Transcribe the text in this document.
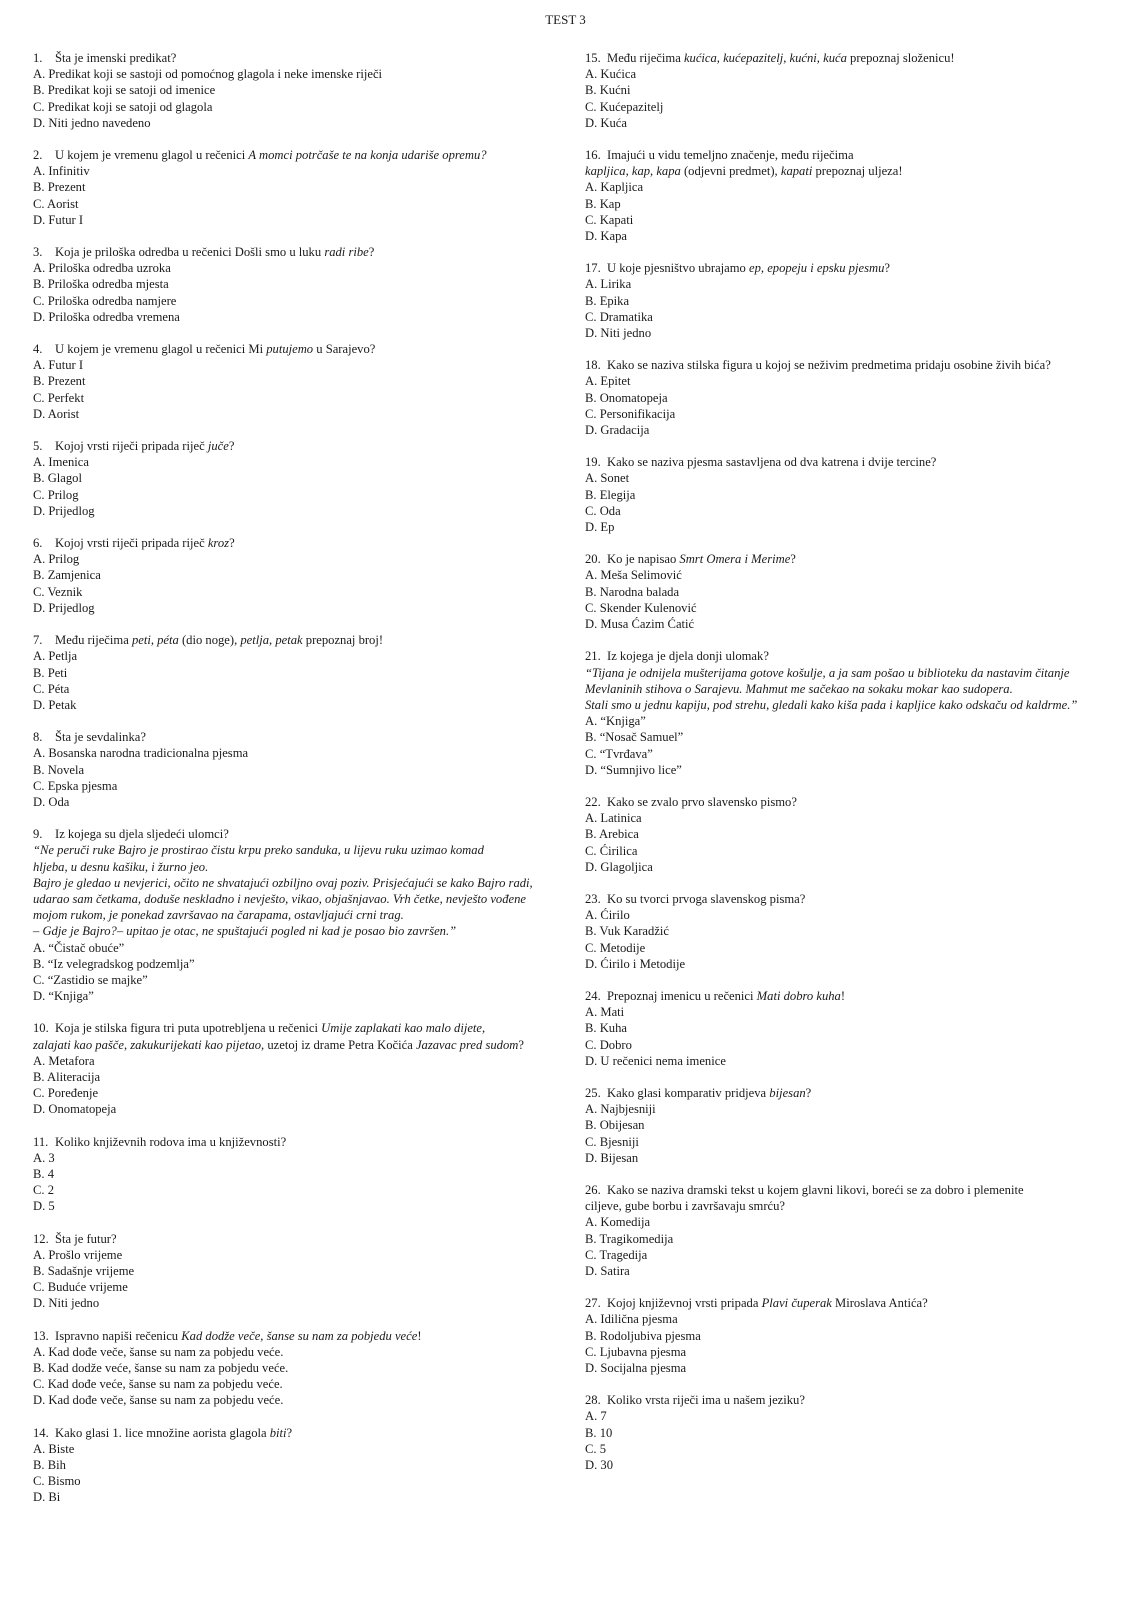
TEST 3
1. Šta je imenski predikat?
A. Predikat koji se sastoji od pomoćnog glagola i neke imenske riječi
B. Predikat koji se satoji od imenice
C. Predikat koji se satoji od glagola
D. Niti jedno navedeno
2. U kojem je vremenu glagol u rečenici A momci potrčaše te na konja udariše opremu?
A. Infinitiv
B. Prezent
C. Aorist
D. Futur I
3. Koja je priloška odredba u rečenici Došli smo u luku radi ribe?
A. Priloška odredba uzroka
B. Priloška odredba mjesta
C. Priloška odredba namjere
D. Priloška odredba vremena
4. U kojem je vremenu glagol u rečenici Mi putujemo u Sarajevo?
A. Futur I
B. Prezent
C. Perfekt
D. Aorist
5. Kojoj vrsti riječi pripada riječ juče?
A. Imenica
B. Glagol
C. Prilog
D. Prijedlog
6. Kojoj vrsti riječi pripada riječ kroz?
A. Prilog
B. Zamjenica
C. Veznik
D. Prijedlog
7. Među riječima peti, péta (dio noge), petlja, petak prepoznaj broj!
A. Petlja
B. Peti
C. Péta
D. Petak
8. Šta je sevdalinka?
A. Bosanska narodna tradicionalna pjesma
B. Novela
C. Epska pjesma
D. Oda
9. Iz kojega su djela sljedeći ulomci?
“Ne peruči ruke Bajro je prostirao čistu krpu preko sanduka, u lijevu ruku uzimao komad
hljeba, u desnu kašiku, i žurno jeo.
Bajro je gledao u nevjerici, očito ne shvatajući ozbiljno ovaj poziv. Prisjećajući se kako Bajro radi,
udarao sam četkama, doduše neskladno i nevješto, vikao, objašnjavao. Vrh četke, nevješto vođene
mojom rukom, je ponekad završavao na čarapama, ostavljajući crni trag.
– Gdje je Bajro?– upitao je otac, ne spuštajući pogled ni kad je posao bio završen.”
A. “Čistač obuće”
B. “Iz velegradskog podzemlja”
C. “Zastidio se majke”
D. “Knjiga”
10. Koja je stilska figura tri puta upotrebljena u rečenici Umije zaplakati kao malo dijete,
zalajati kao pašče, zakukurijekati kao pijetao, uzetoj iz drame Petra Kočića Jazavac pred sudom?
A. Metafora
B. Aliteracija
C. Poređenje
D. Onomatopeja
11. Koliko književnih rodova ima u književnosti?
A. 3
B. 4
C. 2
D. 5
12. Šta je futur?
A. Prošlo vrijeme
B. Sadašnje vrijeme
C. Buduće vrijeme
D. Niti jedno
13. Ispravno napiši rečenicu Kad dodže veče, šanse su nam za pobjedu veće!
A. Kad dođe veče, šanse su nam za pobjedu veće.
B. Kad dodže veće, šanse su nam za pobjedu veće.
C. Kad dođe veće, šanse su nam za pobjedu veće.
D. Kad dođe veče, šanse su nam za pobjedu veće.
14. Kako glasi 1. lice množine aorista glagola biti?
A. Biste
B. Bih
C. Bismo
D. Bi
15. Među riječima kućica, kućepazitelj, kućni, kuća prepoznaj složenicu!
A. Kućica
B. Kućni
C. Kućepazitelj
D. Kuća
16. Imajući u vidu temeljno značenje, među riječima
kapljica, kap, kapa (odjevni predmet), kapati prepoznaj uljeza!
A. Kapljica
B. Kap
C. Kapati
D. Kapa
17. U koje pjesništvo ubrajamo ep, epopeju i epsku pjesmu?
A. Lirika
B. Epika
C. Dramatika
D. Niti jedno
18. Kako se naziva stilska figura u kojoj se neživim predmetima pridaju osobine živih bića?
A. Epitet
B. Onomatopeja
C. Personifikacija
D. Gradacija
19. Kako se naziva pjesma sastavljena od dva katrena i dvije tercine?
A. Sonet
B. Elegija
C. Oda
D. Ep
20. Ko je napisao Smrt Omera i Merime?
A. Meša Selimović
B. Narodna balada
C. Skender Kulenović
D. Musa Ćazim Ćatić
21. Iz kojega je djela donji ulomak?
“Tijana je odnijela mušterijama gotove košulje, a ja sam pošao u biblioteku da nastavim čitanje
Mevlaninih stihova o Sarajevu. Mahmut me sačekao na sokaku mokar kao sudopera.
Stali smo u jednu kapiju, pod strehu, gledali kako kiša pada i kapljice kako odskaču od kaldrme.”
A. “Knjiga”
B. “Nosač Samuel”
C. “Tvrđava”
D. “Sumnjivo lice”
22. Kako se zvalo prvo slavensko pismo?
A. Latinica
B. Arebica
C. Ćirilica
D. Glagoljica
23. Ko su tvorci prvoga slavenskog pisma?
A. Ćirilo
B. Vuk Karadžić
C. Metodije
D. Ćirilo i Metodije
24. Prepoznaj imenicu u rečenici Mati dobro kuha!
A. Mati
B. Kuha
C. Dobro
D. U rečenici nema imenice
25. Kako glasi komparativ pridjeva bijesan?
A. Najbjesniji
B. Obijesan
C. Bjesniji
D. Bijesan
26. Kako se naziva dramski tekst u kojem glavni likovi, boreći se za dobro i plemenite
ciljeve, gube borbu i završavaju smrću?
A. Komedija
B. Tragikomedija
C. Tragedija
D. Satira
27. Kojoj književnoj vrsti pripada Plavi čuperak Miroslava Antića?
A. Idilična pjesma
B. Rodoljubiva pjesma
C. Ljubavna pjesma
D. Socijalna pjesma
28. Koliko vrsta riječi ima u našem jeziku?
A. 7
B. 10
C. 5
D. 30
